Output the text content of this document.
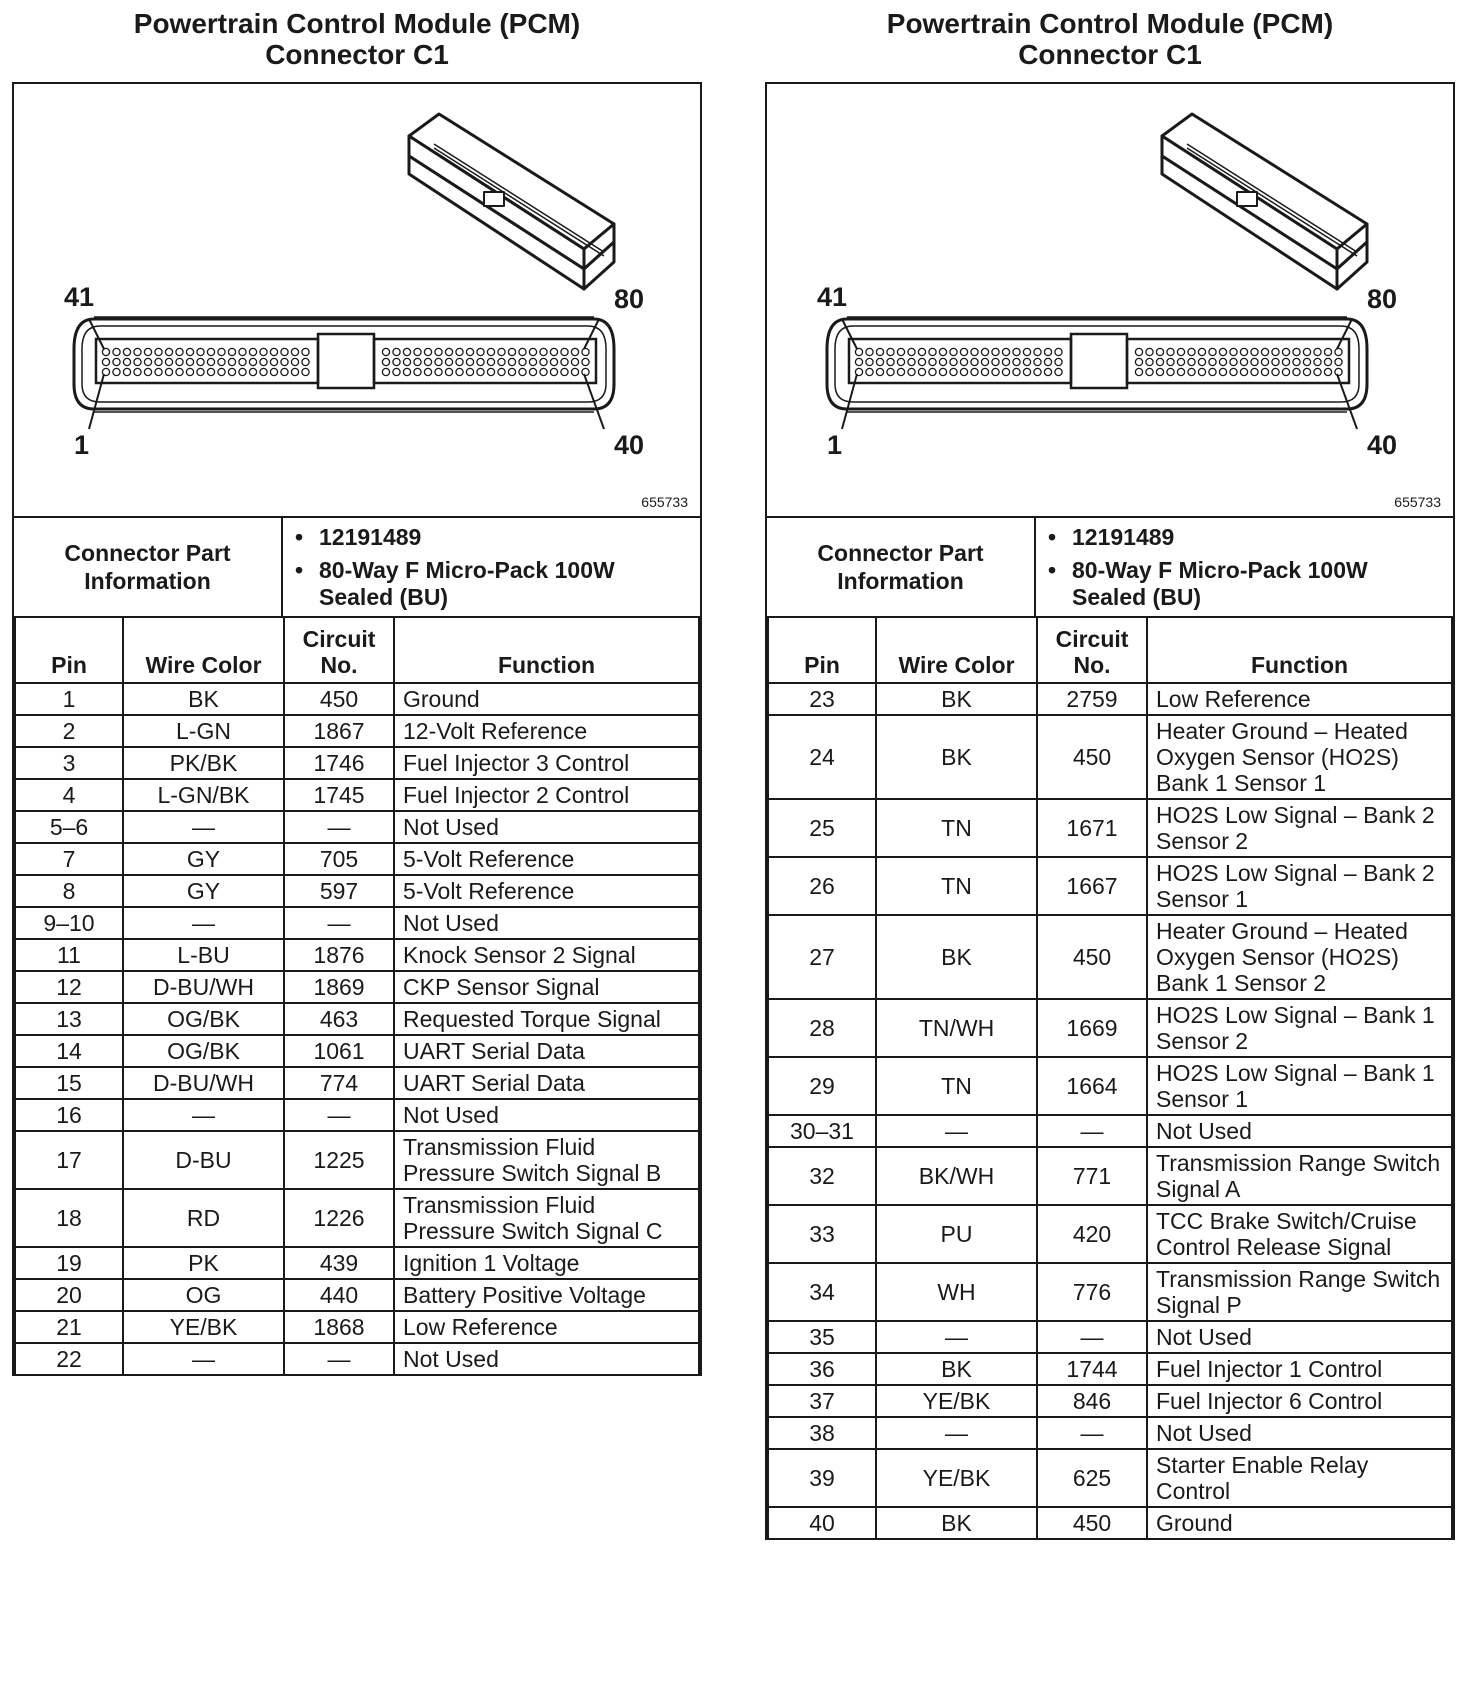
Powertrain Control Module (PCM)
Connector C1
41	80
1	40
655733
Connector Part Information
• 12191489
• 80-Way F Micro-Pack 100W Sealed (BU)
Pin	Wire Color	Circuit No.	Function
1	BK	450	Ground
2	L-GN	1867	12-Volt Reference
3	PK/BK	1746	Fuel Injector 3 Control
4	L-GN/BK	1745	Fuel Injector 2 Control
5–6	—	—	Not Used
7	GY	705	5-Volt Reference
8	GY	597	5-Volt Reference
9–10	—	—	Not Used
11	L-BU	1876	Knock Sensor 2 Signal
12	D-BU/WH	1869	CKP Sensor Signal
13	OG/BK	463	Requested Torque Signal
14	OG/BK	1061	UART Serial Data
15	D-BU/WH	774	UART Serial Data
16	—	—	Not Used
17	D-BU	1225	Transmission Fluid Pressure Switch Signal B
18	RD	1226	Transmission Fluid Pressure Switch Signal C
19	PK	439	Ignition 1 Voltage
20	OG	440	Battery Positive Voltage
21	YE/BK	1868	Low Reference
22	—	—	Not Used
Powertrain Control Module (PCM)
Connector C1
41	80
1	40
655733
Connector Part Information
• 12191489
• 80-Way F Micro-Pack 100W Sealed (BU)
Pin	Wire Color	Circuit No.	Function
23	BK	2759	Low Reference
24	BK	450	Heater Ground – Heated Oxygen Sensor (HO2S) Bank 1 Sensor 1
25	TN	1671	HO2S Low Signal – Bank 2 Sensor 2
26	TN	1667	HO2S Low Signal – Bank 2 Sensor 1
27	BK	450	Heater Ground – Heated Oxygen Sensor (HO2S) Bank 1 Sensor 2
28	TN/WH	1669	HO2S Low Signal – Bank 1 Sensor 2
29	TN	1664	HO2S Low Signal – Bank 1 Sensor 1
30–31	—	—	Not Used
32	BK/WH	771	Transmission Range Switch Signal A
33	PU	420	TCC Brake Switch/Cruise Control Release Signal
34	WH	776	Transmission Range Switch Signal P
35	—	—	Not Used
36	BK	1744	Fuel Injector 1 Control
37	YE/BK	846	Fuel Injector 6 Control
38	—	—	Not Used
39	YE/BK	625	Starter Enable Relay Control
40	BK	450	Ground
